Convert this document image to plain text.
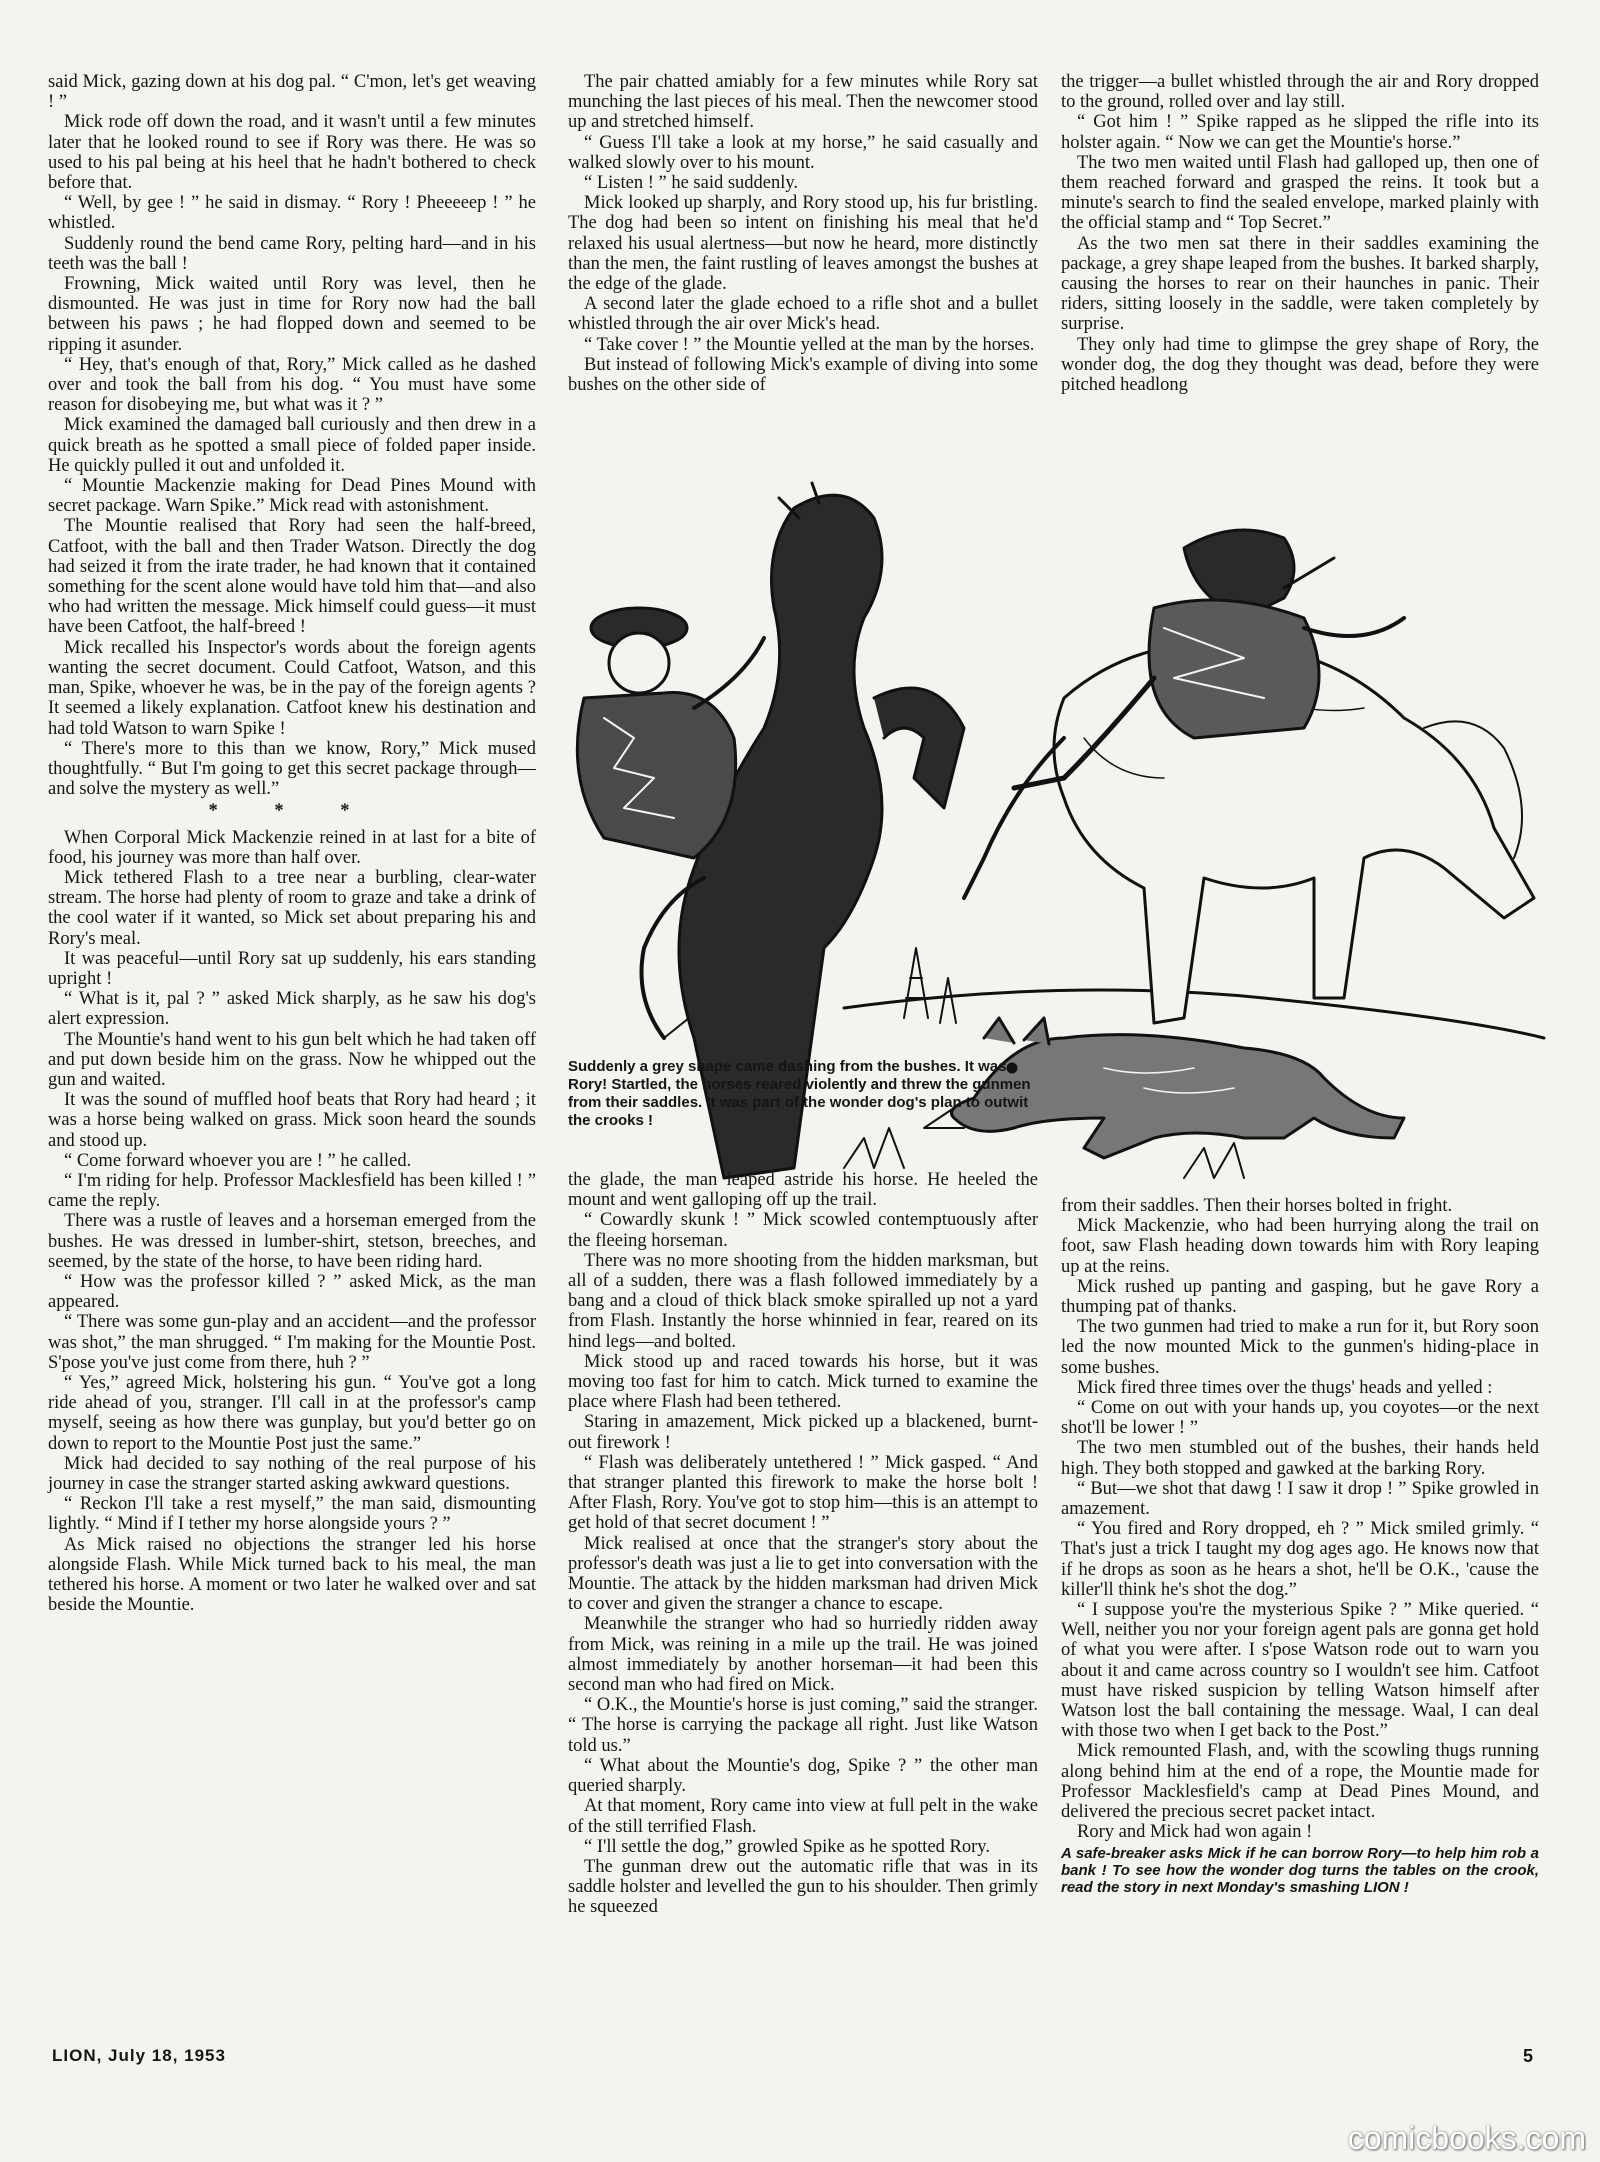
said Mick, gazing down at his dog pal. “ C'mon, let's get weaving ! ”

Mick rode off down the road, and it wasn't until a few minutes later that he looked round to see if Rory was there. He was so used to his pal being at his heel that he hadn't bothered to check before that.

“ Well, by gee ! ” he said in dismay. “ Rory ! Pheeeeep ! ” he whistled.

Suddenly round the bend came Rory, pelting hard—and in his teeth was the ball !

Frowning, Mick waited until Rory was level, then he dismounted. He was just in time for Rory now had the ball between his paws ; he had flopped down and seemed to be ripping it asunder.

“ Hey, that's enough of that, Rory,” Mick called as he dashed over and took the ball from his dog. “ You must have some reason for disobeying me, but what was it ? ”

Mick examined the damaged ball curiously and then drew in a quick breath as he spotted a small piece of folded paper inside. He quickly pulled it out and unfolded it.

“ Mountie Mackenzie making for Dead Pines Mound with secret package. Warn Spike.” Mick read with astonishment.

The Mountie realised that Rory had seen the half-breed, Catfoot, with the ball and then Trader Watson. Directly the dog had seized it from the irate trader, he had known that it contained something for the scent alone would have told him that—and also who had written the message. Mick himself could guess—it must have been Catfoot, the half-breed !

Mick recalled his Inspector's words about the foreign agents wanting the secret document. Could Catfoot, Watson, and this man, Spike, whoever he was, be in the pay of the foreign agents ? It seemed a likely explanation. Catfoot knew his destination and had told Watson to warn Spike !

“ There's more to this than we know, Rory,” Mick mused thoughtfully. “ But I'm going to get this secret package through—and solve the mystery as well.”

* * *

When Corporal Mick Mackenzie reined in at last for a bite of food, his journey was more than half over.

Mick tethered Flash to a tree near a burbling, clear-water stream. The horse had plenty of room to graze and take a drink of the cool water if it wanted, so Mick set about preparing his and Rory's meal.

It was peaceful—until Rory sat up suddenly, his ears standing upright !

“ What is it, pal ? ” asked Mick sharply, as he saw his dog's alert expression.

The Mountie's hand went to his gun belt which he had taken off and put down beside him on the grass. Now he whipped out the gun and waited.

It was the sound of muffled hoof beats that Rory had heard ; it was a horse being walked on grass. Mick soon heard the sounds and stood up.

“ Come forward whoever you are ! ” he called.

“ I'm riding for help. Professor Macklesfield has been killed ! ” came the reply.

There was a rustle of leaves and a horseman emerged from the bushes. He was dressed in lumber-shirt, stetson, breeches, and seemed, by the state of the horse, to have been riding hard.

“ How was the professor killed ? ” asked Mick, as the man appeared.

“ There was some gun-play and an accident—and the professor was shot,” the man shrugged. “ I'm making for the Mountie Post. S'pose you've just come from there, huh ? ”

“ Yes,” agreed Mick, holstering his gun. “ You've got a long ride ahead of you, stranger. I'll call in at the professor's camp myself, seeing as how there was gunplay, but you'd better go on down to report to the Mountie Post just the same.”

Mick had decided to say nothing of the real purpose of his journey in case the stranger started asking awkward questions.

“ Reckon I'll take a rest myself,” the man said, dismounting lightly. “ Mind if I tether my horse alongside yours ? ”

As Mick raised no objections the stranger led his horse alongside Flash. While Mick turned back to his meal, the man tethered his horse. A moment or two later he walked over and sat beside the Mountie.

The pair chatted amiably for a few minutes while Rory sat munching the last pieces of his meal. Then the newcomer stood up and stretched himself.

“ Guess I'll take a look at my horse,” he said casually and walked slowly over to his mount.

“ Listen ! ” he said suddenly.

Mick looked up sharply, and Rory stood up, his fur bristling. The dog had been so intent on finishing his meal that he'd relaxed his usual alertness—but now he heard, more distinctly than the men, the faint rustling of leaves amongst the bushes at the edge of the glade.

A second later the glade echoed to a rifle shot and a bullet whistled through the air over Mick's head.

“ Take cover ! ” the Mountie yelled at the man by the horses.

But instead of following Mick's example of diving into some bushes on the other side of

the trigger—a bullet whistled through the air and Rory dropped to the ground, rolled over and lay still.

“ Got him ! ” Spike rapped as he slipped the rifle into its holster again. “ Now we can get the Mountie's horse.”

The two men waited until Flash had galloped up, then one of them reached forward and grasped the reins. It took but a minute's search to find the sealed envelope, marked plainly with the official stamp and “ Top Secret.”

As the two men sat there in their saddles examining the package, a grey shape leaped from the bushes. It barked sharply, causing the horses to rear on their haunches in panic. Their riders, sitting loosely in the saddle, were taken completely by surprise.

They only had time to glimpse the grey shape of Rory, the wonder dog, the dog they thought was dead, before they were pitched headlong

Suddenly a grey shape came dashing from the bushes. It was Rory! Startled, the horses reared violently and threw the gunmen from their saddles. It was part of the wonder dog's plan to outwit the crooks !

the glade, the man leaped astride his horse. He heeled the mount and went galloping off up the trail.

“ Cowardly skunk ! ” Mick scowled contemptuously after the fleeing horseman.

There was no more shooting from the hidden marksman, but all of a sudden, there was a flash followed immediately by a bang and a cloud of thick black smoke spiralled up not a yard from Flash. Instantly the horse whinnied in fear, reared on its hind legs—and bolted.

Mick stood up and raced towards his horse, but it was moving too fast for him to catch. Mick turned to examine the place where Flash had been tethered.

Staring in amazement, Mick picked up a blackened, burnt-out firework !

“ Flash was deliberately untethered ! ” Mick gasped. “ And that stranger planted this firework to make the horse bolt ! After Flash, Rory. You've got to stop him—this is an attempt to get hold of that secret document ! ”

Mick realised at once that the stranger's story about the professor's death was just a lie to get into conversation with the Mountie. The attack by the hidden marksman had driven Mick to cover and given the stranger a chance to escape.

Meanwhile the stranger who had so hurriedly ridden away from Mick, was reining in a mile up the trail. He was joined almost immediately by another horseman—it had been this second man who had fired on Mick.

“ O.K., the Mountie's horse is just coming,” said the stranger. “ The horse is carrying the package all right. Just like Watson told us.”

“ What about the Mountie's dog, Spike ? ” the other man queried sharply.

At that moment, Rory came into view at full pelt in the wake of the still terrified Flash.

“ I'll settle the dog,” growled Spike as he spotted Rory.

The gunman drew out the automatic rifle that was in its saddle holster and levelled the gun to his shoulder. Then grimly he squeezed

from their saddles. Then their horses bolted in fright.

Mick Mackenzie, who had been hurrying along the trail on foot, saw Flash heading down towards him with Rory leaping up at the reins.

Mick rushed up panting and gasping, but he gave Rory a thumping pat of thanks.

The two gunmen had tried to make a run for it, but Rory soon led the now mounted Mick to the gunmen's hiding-place in some bushes.

Mick fired three times over the thugs' heads and yelled :

“ Come on out with your hands up, you coyotes—or the next shot'll be lower ! ”

The two men stumbled out of the bushes, their hands held high. They both stopped and gawked at the barking Rory.

“ But—we shot that dawg ! I saw it drop ! ” Spike growled in amazement.

“ You fired and Rory dropped, eh ? ” Mick smiled grimly. “ That's just a trick I taught my dog ages ago. He knows now that if he drops as soon as he hears a shot, he'll be O.K., 'cause the killer'll think he's shot the dog.”

“ I suppose you're the mysterious Spike ? ” Mike queried. “ Well, neither you nor your foreign agent pals are gonna get hold of what you were after. I s'pose Watson rode out to warn you about it and came across country so I wouldn't see him. Catfoot must have risked suspicion by telling Watson himself after Watson lost the ball containing the message. Waal, I can deal with those two when I get back to the Post.”

Mick remounted Flash, and, with the scowling thugs running along behind him at the end of a rope, the Mountie made for Professor Macklesfield's camp at Dead Pines Mound, and delivered the precious secret packet intact.

Rory and Mick had won again !

A safe-breaker asks Mick if he can borrow Rory—to help him rob a bank ! To see how the wonder dog turns the tables on the crook, read the story in next Monday's smashing LION !

LION, July 18, 1953	5
comicbooks.com
